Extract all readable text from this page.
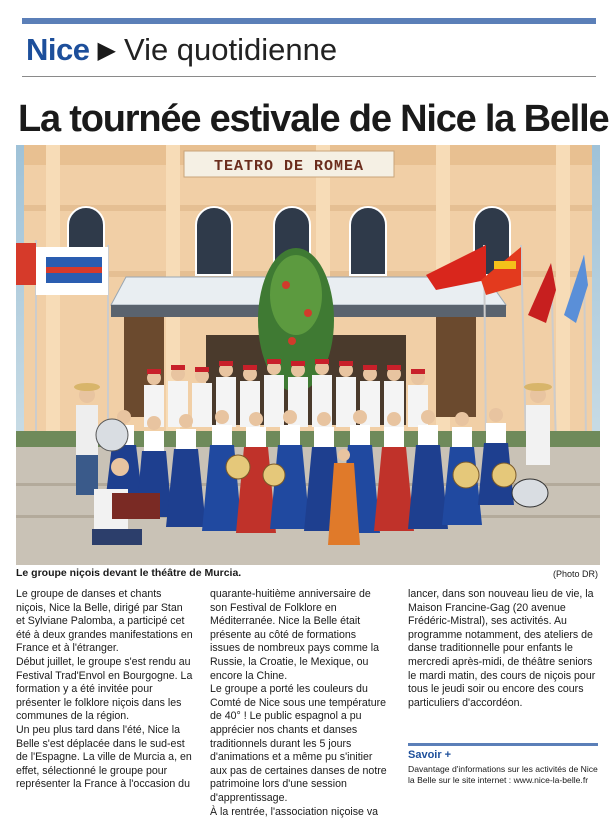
Nice ▶ Vie quotidienne
La tournée estivale de Nice la Belle
TEATRO DE ROMEA
Le groupe niçois devant le théâtre de Murcia.	(Photo DR)

Le groupe de danses et chants niçois, Nice la Belle, dirigé par Stan et Sylviane Palomba, a participé cet été à deux grandes manifestations en France et à l'étranger.

Début juillet, le groupe s'est rendu au Festival Trad'Envol en Bourgogne. La formation y a été invitée pour présenter le folklore niçois dans les communes de la région.

Un peu plus tard dans l'été, Nice la Belle s'est déplacée dans le sud-est de l'Espagne. La ville de Murcia a, en effet, sélectionné le groupe pour représenter la France à l'occasion du

quarante-huitième anniversaire de son Festival de Folklore en Méditerranée. Nice la Belle était présente au côté de formations issues de nombreux pays comme la Russie, la Croatie, le Mexique, ou encore la Chine.

Le groupe a porté les couleurs du Comté de Nice sous une température de 40° ! Le public espagnol a pu apprécier nos chants et danses traditionnels durant les 5 jours d'animations et a même pu s'initier aux pas de certaines danses de notre patrimoine lors d'une session d'apprentissage.

À la rentrée, l'association niçoise va

lancer, dans son nouveau lieu de vie, la Maison Francine-Gag (20 avenue Frédéric-Mistral), ses activités. Au programme notamment, des ateliers de danse traditionnelle pour enfants le mercredi après-midi, de théâtre seniors le mardi matin, des cours de niçois pour tous le jeudi soir ou encore des cours particuliers d'accordéon.

Savoir +
Davantage d'informations sur les activités de Nice la Belle sur le site internet : www.nice-la-belle.fr
